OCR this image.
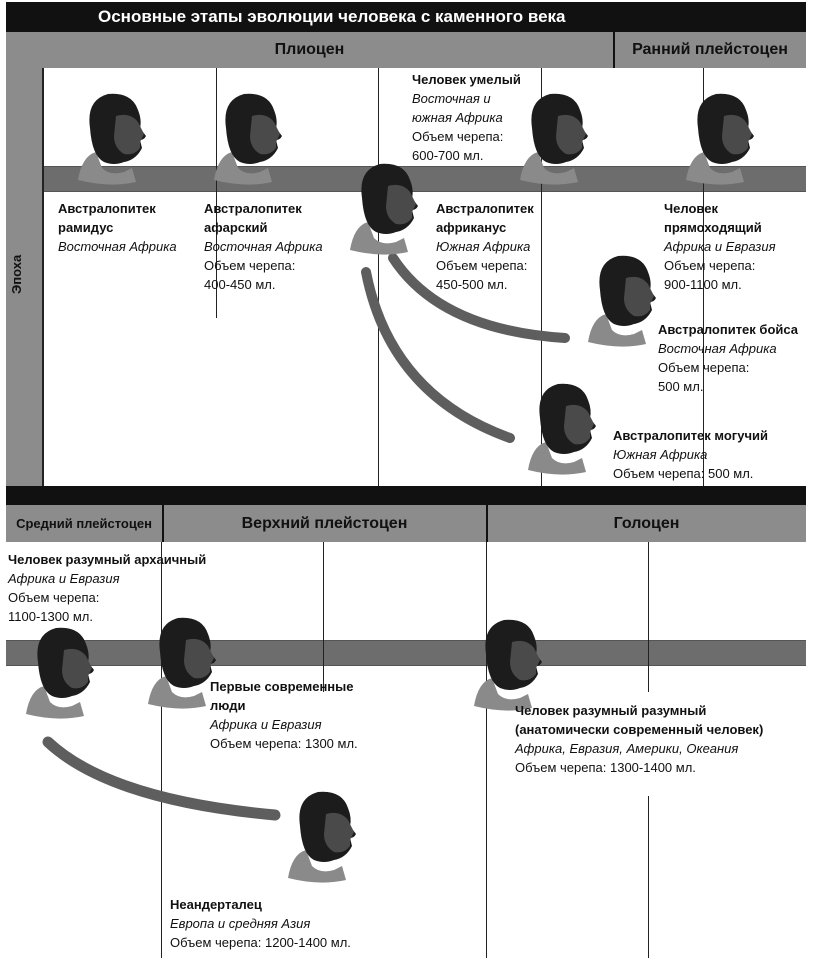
Основные этапы эволюции человека с каменного века
Плиоцен	Ранний плейстоцен
Эпоха
Средний плейстоцен	Верхний плейстоцен	Голоцен
Австралопитек
рамидус
Восточная Африка
Австралопитек
афарский
Восточная Африка
Объем черепа:
400-450 мл.
Человек умелый
Восточная и
южная Африка
Объем черепа:
600-700 мл.
Австралопитек
африканус
Южная Африка
Объем черепа:
450-500 мл.
Человек
прямоходящий
Африка и Евразия
Объем черепа:
900-1100 мл.
Австралопитек бойса
Восточная Африка
Объем черепа:
500 мл.
Австралопитек могучий
Южная Африка
Объем черепа: 500 мл.
Человек разумный архаичный
Африка и Евразия
Объем черепа:
1100-1300 мл.
Первые современные
люди
Африка и Евразия
Объем черепа: 1300 мл.
Человек разумный разумный
(анатомически современный человек)
Африка, Евразия, Америки, Океания
Объем черепа: 1300-1400 мл.
Неандерталец
Европа и средняя Азия
Объем черепа: 1200-1400 мл.
